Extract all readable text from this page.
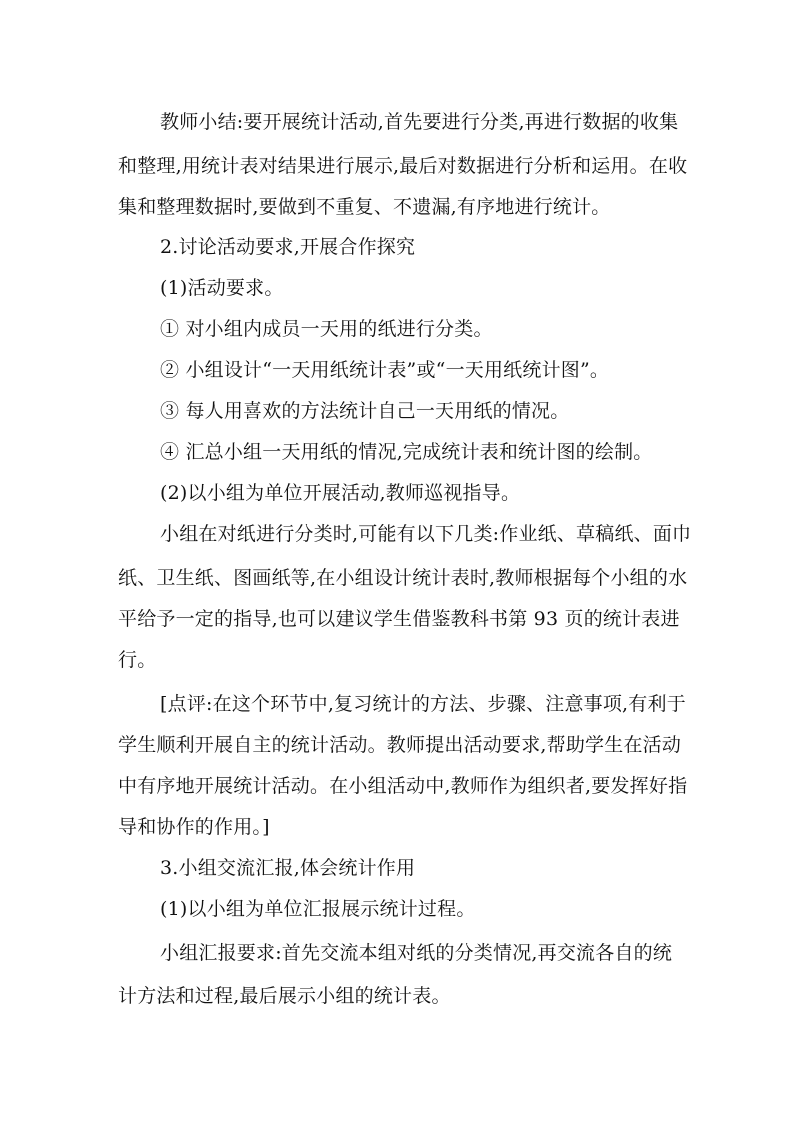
教师小结:要开展统计活动,首先要进行分类,再进行数据的收集
和整理,用统计表对结果进行展示,最后对数据进行分析和运用。在收
集和整理数据时,要做到不重复、不遗漏,有序地进行统计。
2.讨论活动要求,开展合作探究
(1)活动要求。
① 对小组内成员一天用的纸进行分类。
② 小组设计“一天用纸统计表”或“一天用纸统计图”。
③ 每人用喜欢的方法统计自己一天用纸的情况。
④ 汇总小组一天用纸的情况,完成统计表和统计图的绘制。
(2)以小组为单位开展活动,教师巡视指导。
小组在对纸进行分类时,可能有以下几类:作业纸、草稿纸、面巾
纸、卫生纸、图画纸等,在小组设计统计表时,教师根据每个小组的水
平给予一定的指导,也可以建议学生借鉴教科书第 93 页的统计表进
行。
[点评:在这个环节中,复习统计的方法、步骤、注意事项,有利于
学生顺利开展自主的统计活动。教师提出活动要求,帮助学生在活动
中有序地开展统计活动。在小组活动中,教师作为组织者,要发挥好指
导和协作的作用。]
3.小组交流汇报,体会统计作用
(1)以小组为单位汇报展示统计过程。
小组汇报要求:首先交流本组对纸的分类情况,再交流各自的统
计方法和过程,最后展示小组的统计表。
